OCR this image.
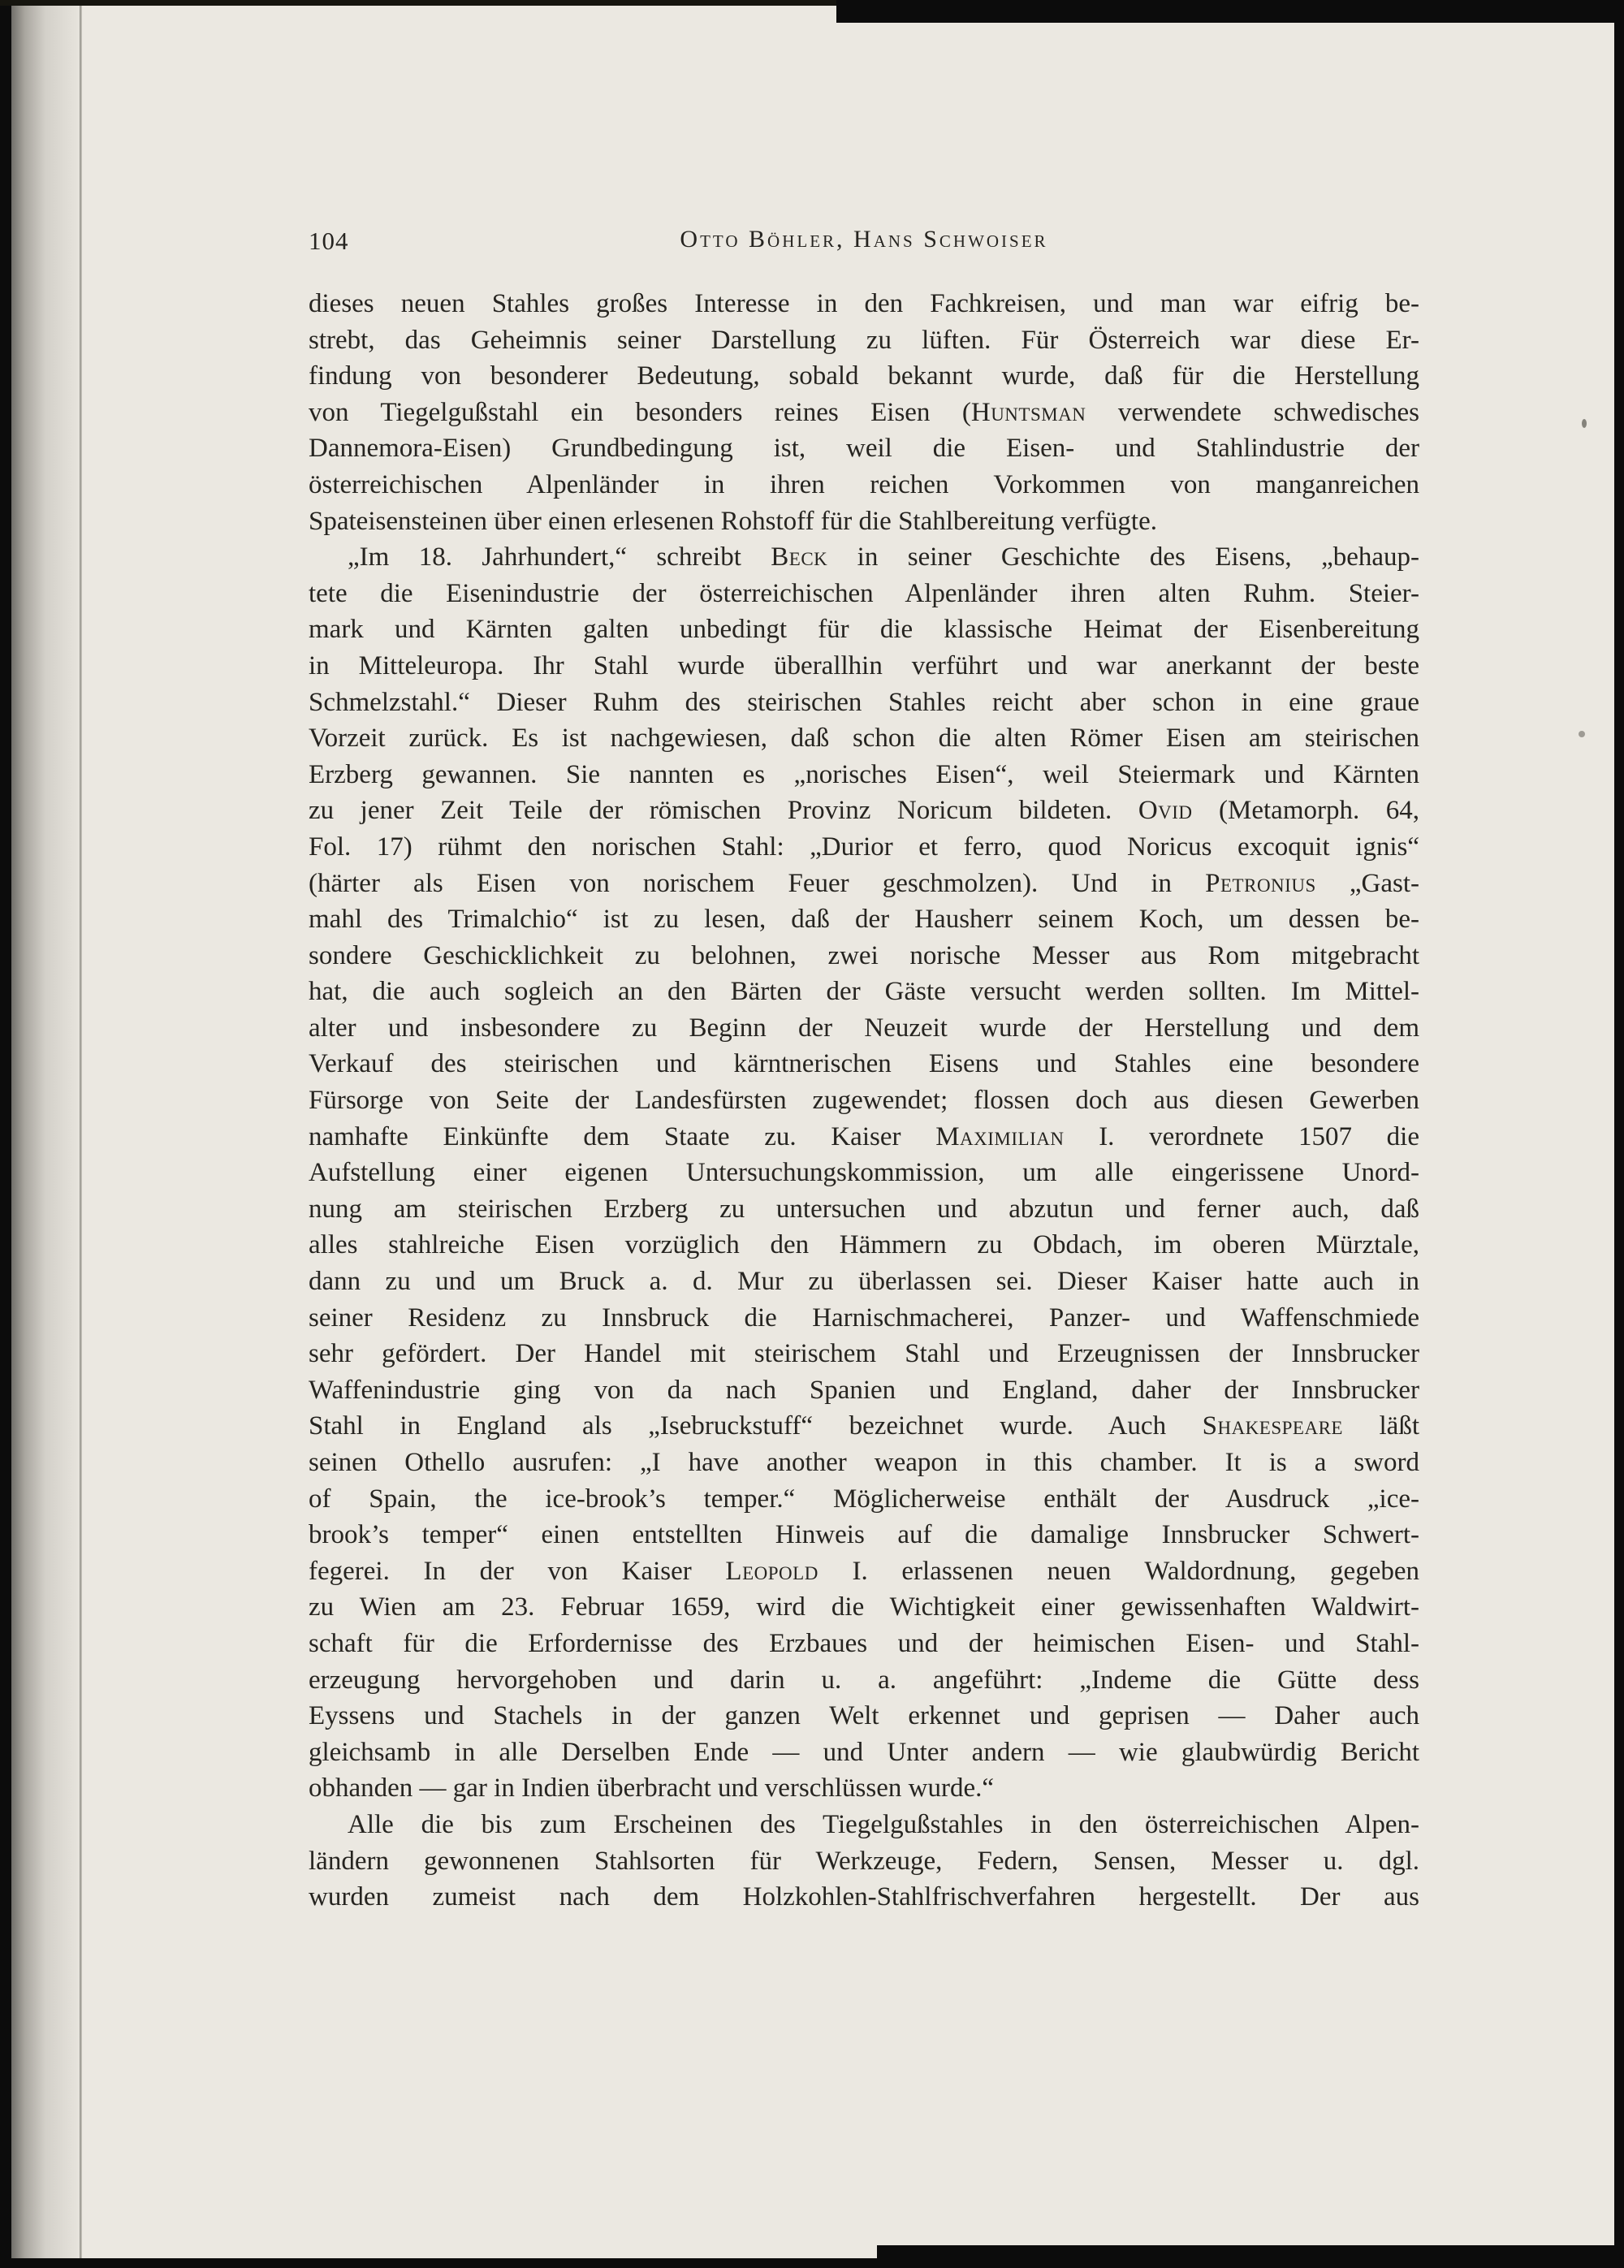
104	Otto Böhler, Hans Schwoiser
dieses neuen Stahles großes Interesse in den Fachkreisen, und man war eifrig be-
strebt, das Geheimnis seiner Darstellung zu lüften. Für Österreich war diese Er-
findung von besonderer Bedeutung, sobald bekannt wurde, daß für die Herstellung
von Tiegelgußstahl ein besonders reines Eisen (Huntsman verwendete schwedisches
Dannemora-Eisen) Grundbedingung ist, weil die Eisen- und Stahlindustrie der
österreichischen Alpenländer in ihren reichen Vorkommen von manganreichen
Spateisensteinen über einen erlesenen Rohstoff für die Stahlbereitung verfügte.
„Im 18. Jahrhundert,“ schreibt Beck in seiner Geschichte des Eisens, „behaup-
tete die Eisenindustrie der österreichischen Alpenländer ihren alten Ruhm. Steier-
mark und Kärnten galten unbedingt für die klassische Heimat der Eisenbereitung
in Mitteleuropa. Ihr Stahl wurde überallhin verführt und war anerkannt der beste
Schmelzstahl.“ Dieser Ruhm des steirischen Stahles reicht aber schon in eine graue
Vorzeit zurück. Es ist nachgewiesen, daß schon die alten Römer Eisen am steirischen
Erzberg gewannen. Sie nannten es „norisches Eisen“, weil Steiermark und Kärnten
zu jener Zeit Teile der römischen Provinz Noricum bildeten. Ovid (Metamorph. 64,
Fol. 17) rühmt den norischen Stahl: „Durior et ferro, quod Noricus excoquit ignis“
(härter als Eisen von norischem Feuer geschmolzen). Und in Petronius „Gast-
mahl des Trimalchio“ ist zu lesen, daß der Hausherr seinem Koch, um dessen be-
sondere Geschicklichkeit zu belohnen, zwei norische Messer aus Rom mitgebracht
hat, die auch sogleich an den Bärten der Gäste versucht werden sollten. Im Mittel-
alter und insbesondere zu Beginn der Neuzeit wurde der Herstellung und dem
Verkauf des steirischen und kärntnerischen Eisens und Stahles eine besondere
Fürsorge von Seite der Landesfürsten zugewendet; flossen doch aus diesen Gewerben
namhafte Einkünfte dem Staate zu. Kaiser Maximilian I. verordnete 1507 die
Aufstellung einer eigenen Untersuchungskommission, um alle eingerissene Unord-
nung am steirischen Erzberg zu untersuchen und abzutun und ferner auch, daß
alles stahlreiche Eisen vorzüglich den Hämmern zu Obdach, im oberen Mürztale,
dann zu und um Bruck a. d. Mur zu überlassen sei. Dieser Kaiser hatte auch in
seiner Residenz zu Innsbruck die Harnischmacherei, Panzer- und Waffenschmiede
sehr gefördert. Der Handel mit steirischem Stahl und Erzeugnissen der Innsbrucker
Waffenindustrie ging von da nach Spanien und England, daher der Innsbrucker
Stahl in England als „Isebruckstuff“ bezeichnet wurde. Auch Shakespeare läßt
seinen Othello ausrufen: „I have another weapon in this chamber. It is a sword
of Spain, the ice-brook’s temper.“ Möglicherweise enthält der Ausdruck „ice-
brook’s temper“ einen entstellten Hinweis auf die damalige Innsbrucker Schwert-
fegerei. In der von Kaiser Leopold I. erlassenen neuen Waldordnung, gegeben
zu Wien am 23. Februar 1659, wird die Wichtigkeit einer gewissenhaften Waldwirt-
schaft für die Erfordernisse des Erzbaues und der heimischen Eisen- und Stahl-
erzeugung hervorgehoben und darin u. a. angeführt: „Indeme die Gütte dess
Eyssens und Stachels in der ganzen Welt erkennet und geprisen — Daher auch
gleichsamb in alle Derselben Ende — und Unter andern — wie glaubwürdig Bericht
obhanden — gar in Indien überbracht und verschlüssen wurde.“
Alle die bis zum Erscheinen des Tiegelgußstahles in den österreichischen Alpen-
ländern gewonnenen Stahlsorten für Werkzeuge, Federn, Sensen, Messer u. dgl.
wurden zumeist nach dem Holzkohlen-Stahlfrischverfahren hergestellt. Der aus
